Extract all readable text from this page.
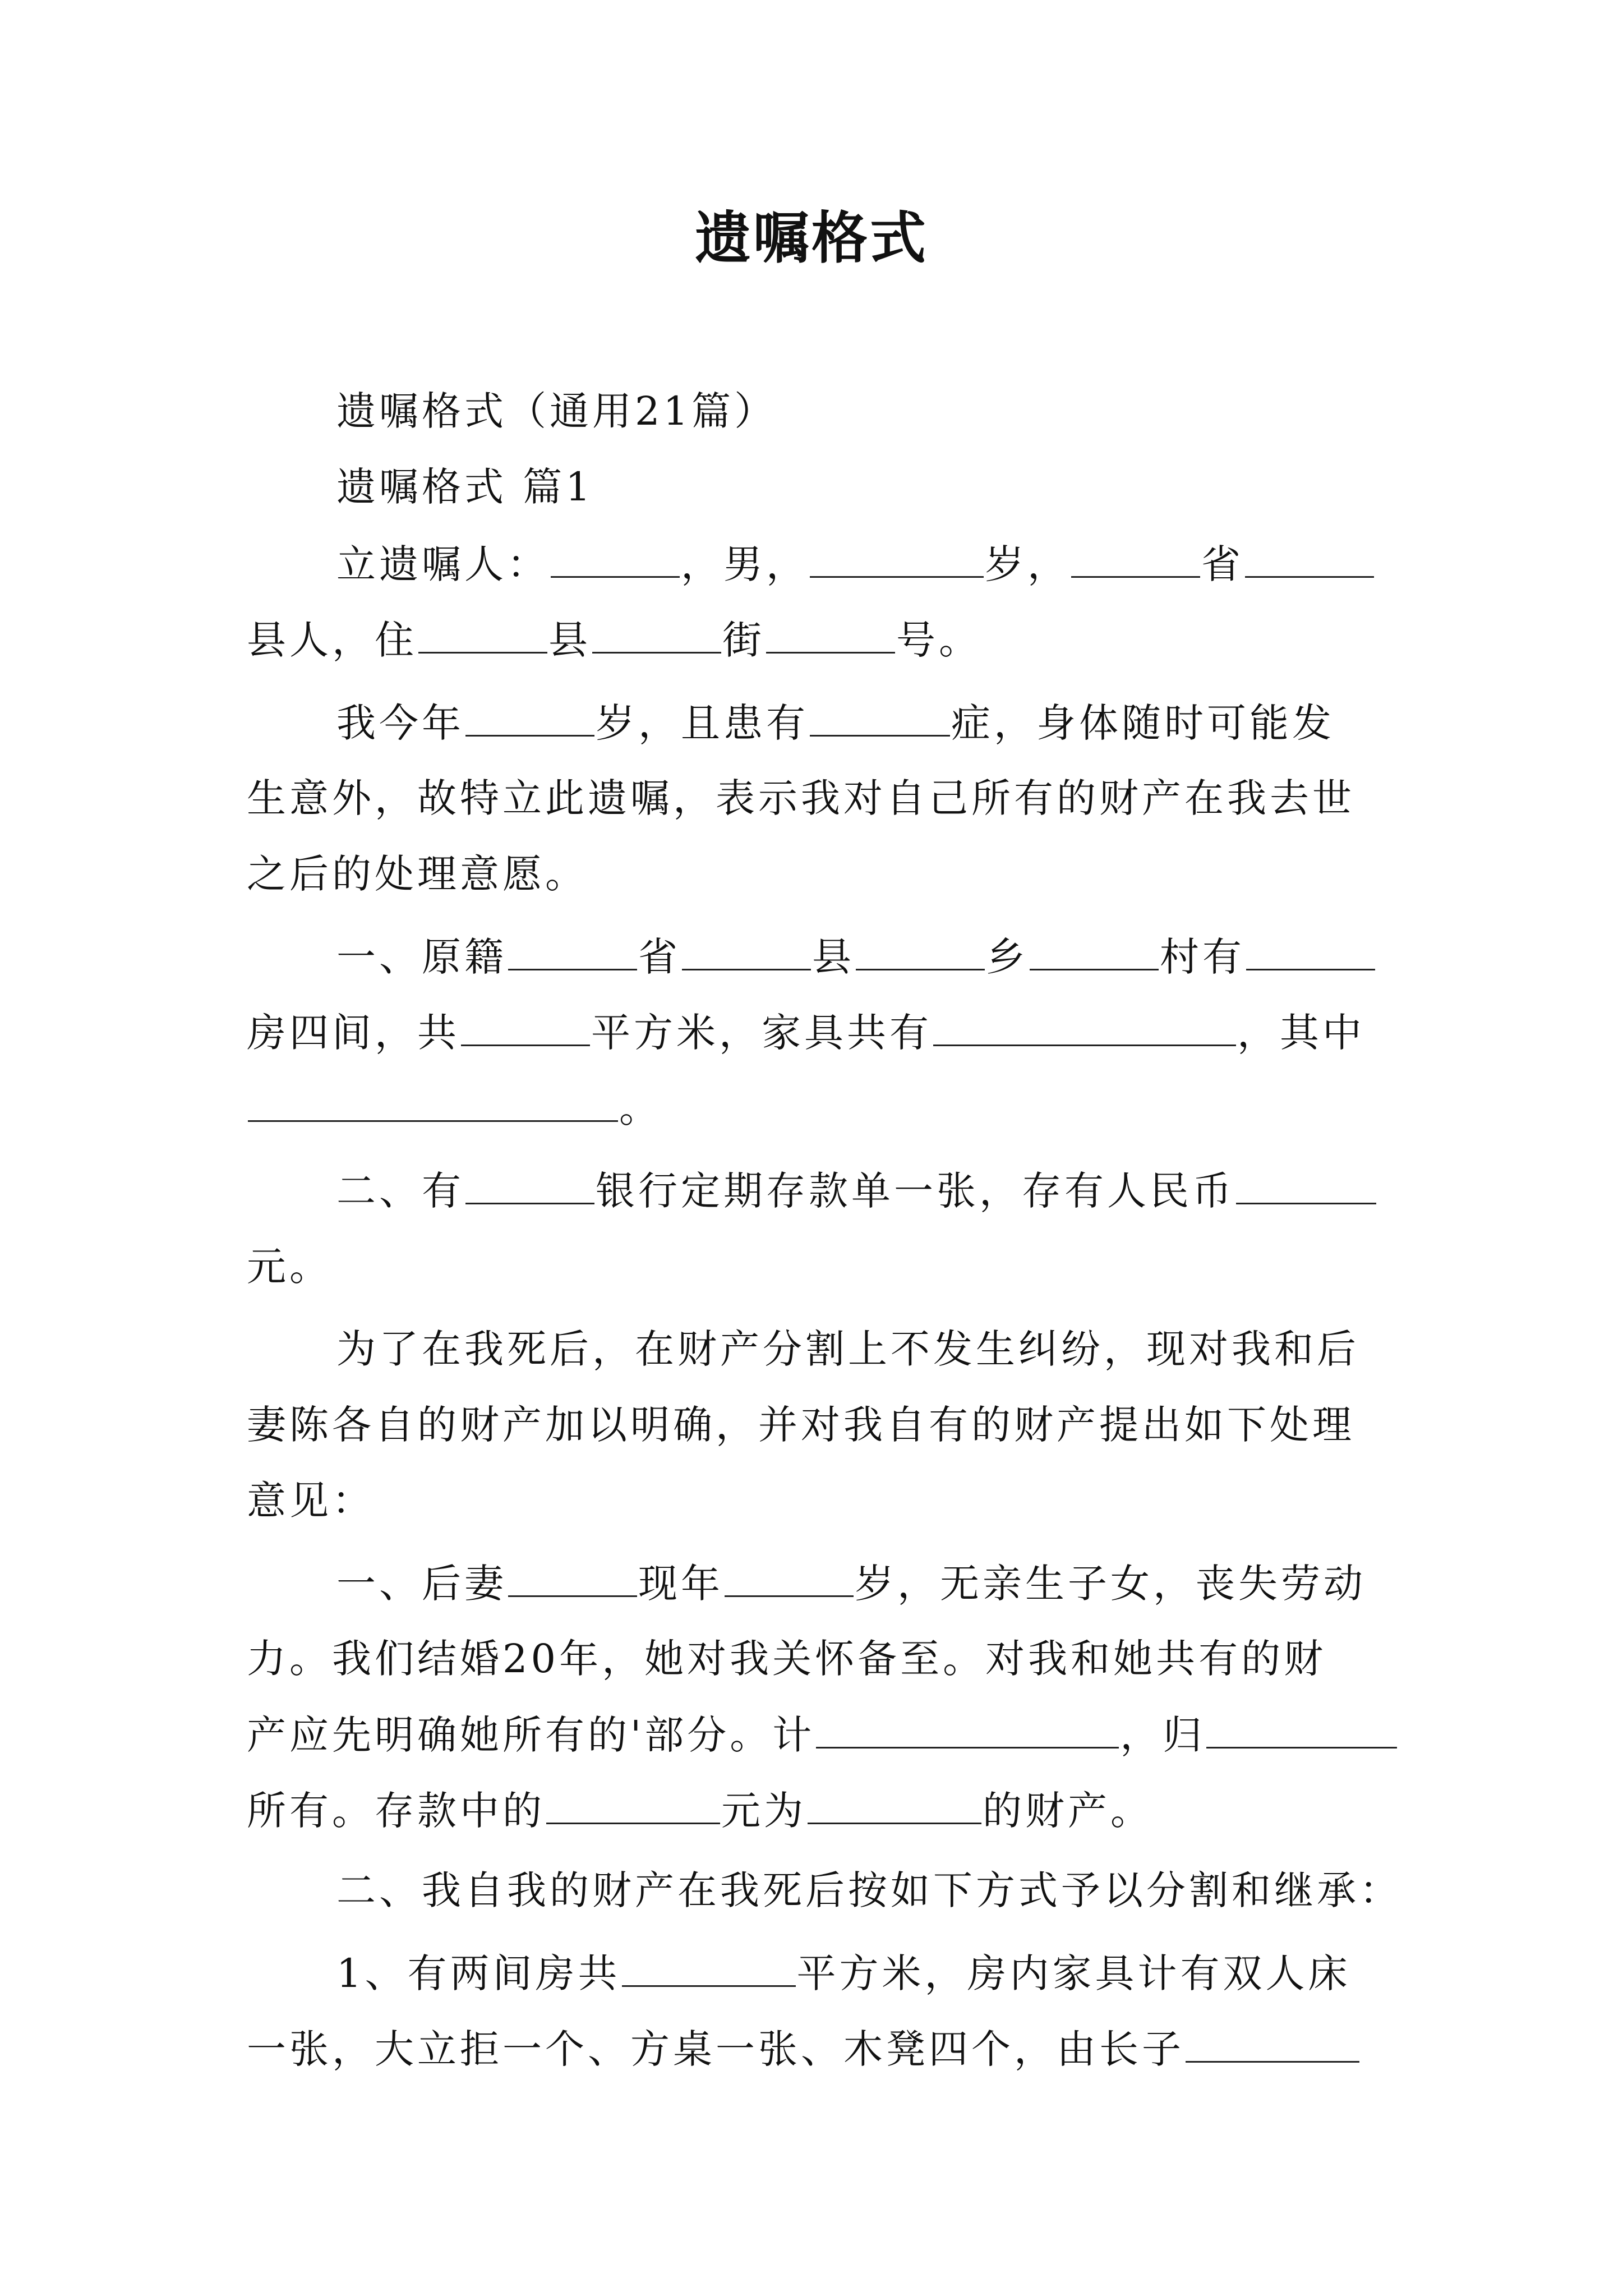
遗嘱格式
遗嘱格式（通用21篇）
遗嘱格式 篇1
立遗嘱人：	，男，	岁，	省
县人，住	县	街	号。
我今年	岁，且患有	症，身体随时可能发
生意外，故特立此遗嘱，表示我对自己所有的财产在我去世
之后的处理意愿。
一、原籍	省	县	乡	村有
房四间，共	平方米，家具共有	，其中
。
二、有	银行定期存款单一张，存有人民币
元。
为了在我死后，在财产分割上不发生纠纷，现对我和后
妻陈各自的财产加以明确，并对我自有的财产提出如下处理
意见：
一、后妻	现年	岁，无亲生子女，丧失劳动
力。我们结婚20年，她对我关怀备至。对我和她共有的财
产应先明确她所有的'部分。计	，归
所有。存款中的	元为	的财产。
二、我自我的财产在我死后按如下方式予以分割和继承：
1、有两间房共	平方米，房内家具计有双人床
一张，大立拒一个、方桌一张、木凳四个，由长子
